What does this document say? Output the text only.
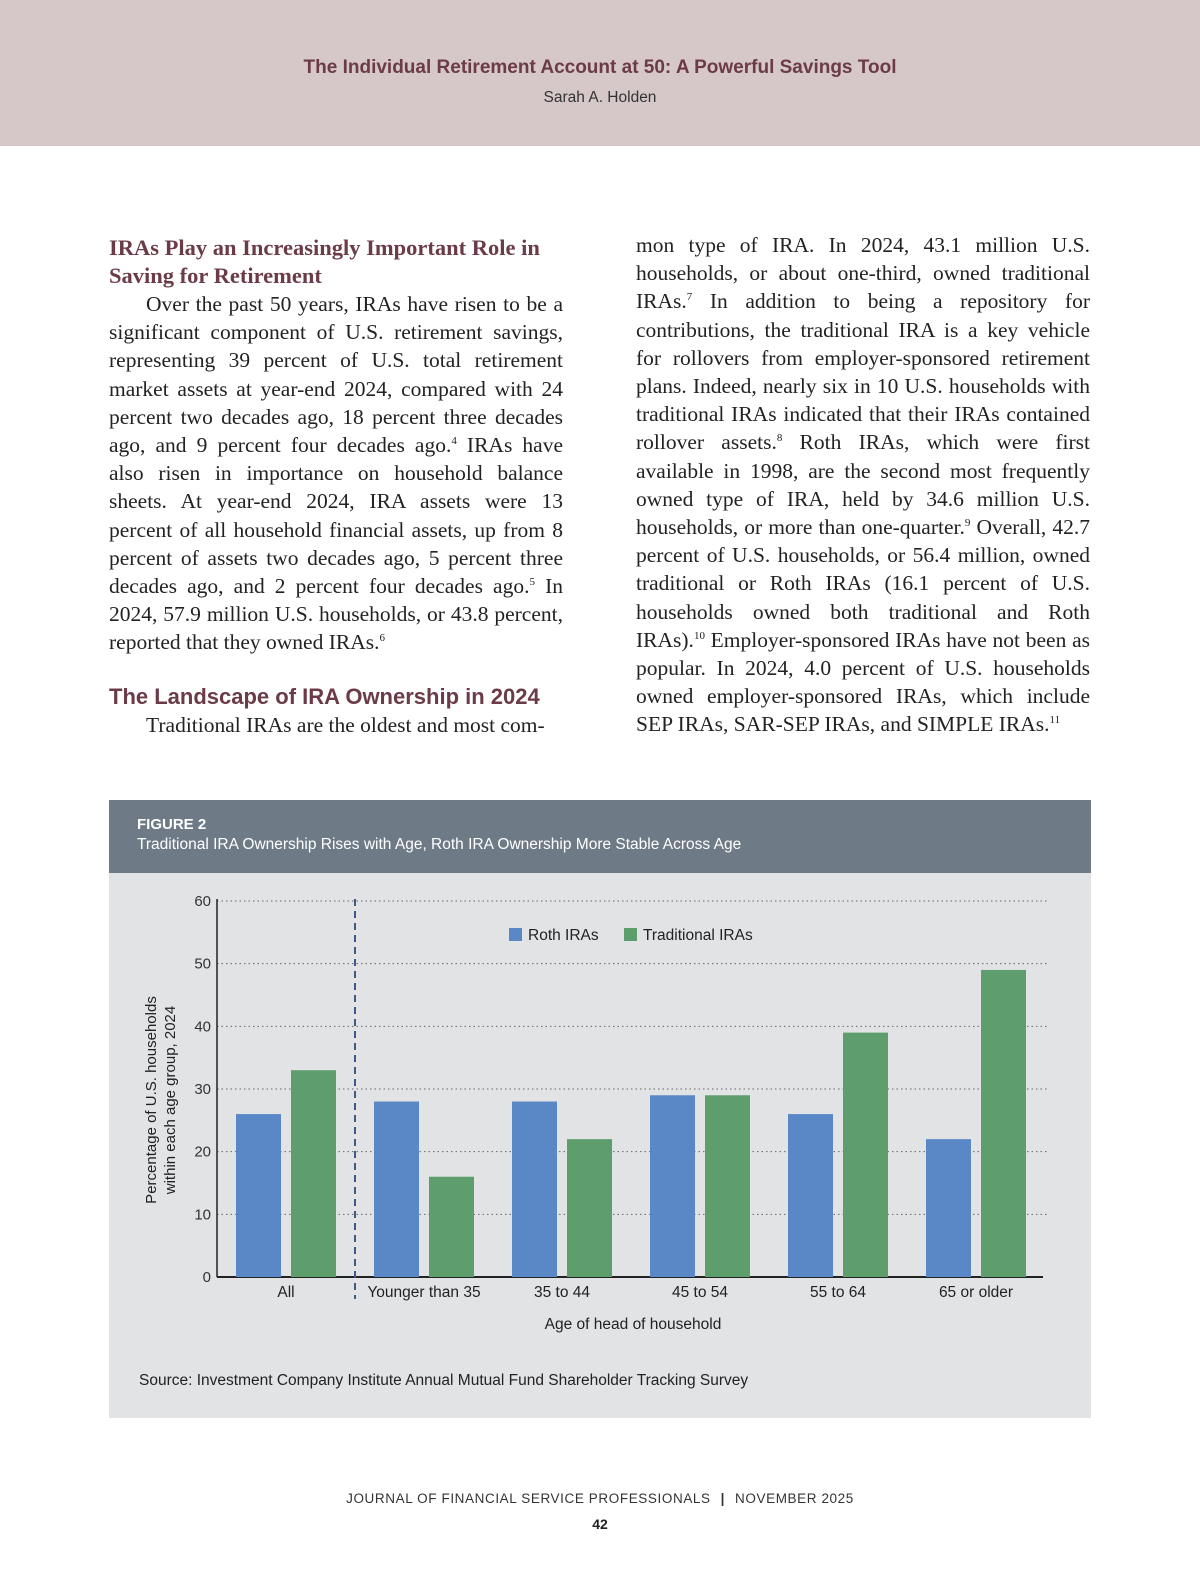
The Individual Retirement Account at 50: A Powerful Savings Tool
Sarah A. Holden
IRAs Play an Increasingly Important Role in Saving for Retirement

Over the past 50 years, IRAs have risen to be a significant component of U.S. retirement savings, representing 39 percent of U.S. total retirement market assets at year-end 2024, compared with 24 percent two decades ago, 18 percent three decades ago, and 9 percent four decades ago.$^4$ IRAs have also risen in importance on household balance sheets. At year-end 2024, IRA assets were 13 percent of all household financial assets, up from 8 percent of assets two decades ago, 5 percent three decades ago, and 2 percent four decades ago.$^5$ In 2024, 57.9 million U.S. households, or 43.8 percent, reported that they owned IRAs.$^6$

The Landscape of IRA Ownership in 2024

Traditional IRAs are the oldest and most com-

mon type of IRA. In 2024, 43.1 million U.S. households, or about one-third, owned traditional IRAs.$^7$ In addition to being a repository for contributions, the traditional IRA is a key vehicle for rollovers from employer-sponsored retirement plans. Indeed, nearly six in 10 U.S. households with traditional IRAs indicated that their IRAs contained rollover assets.$^8$ Roth IRAs, which were first available in 1998, are the second most frequently owned type of IRA, held by 34.6 million U.S. households, or more than one-quarter.$^9$ Overall, 42.7 percent of U.S. households, or 56.4 million, owned traditional or Roth IRAs (16.1 percent of U.S. households owned both traditional and Roth IRAs).$^{10}$ Employer-sponsored IRAs have not been as popular. In 2024, 4.0 percent of U.S. households owned employer-sponsored IRAs, which include SEP IRAs, SAR-SEP IRAs, and SIMPLE IRAs.$^{11}$

FIGURE 2
Traditional IRA Ownership Rises with Age, Roth IRA Ownership More Stable Across Age
0
10
20
30
40
50
60
All	Younger than 35	35 to 44	45 to 54	55 to 64	65 or older
Roth IRAs	Traditional IRAs
Age of head of household
Percentage of U.S. households within each age group, 2024
Source: Investment Company Institute Annual Mutual Fund Shareholder Tracking Survey
JOURNAL OF FINANCIAL SERVICE PROFESSIONALS | NOVEMBER 2025
42
